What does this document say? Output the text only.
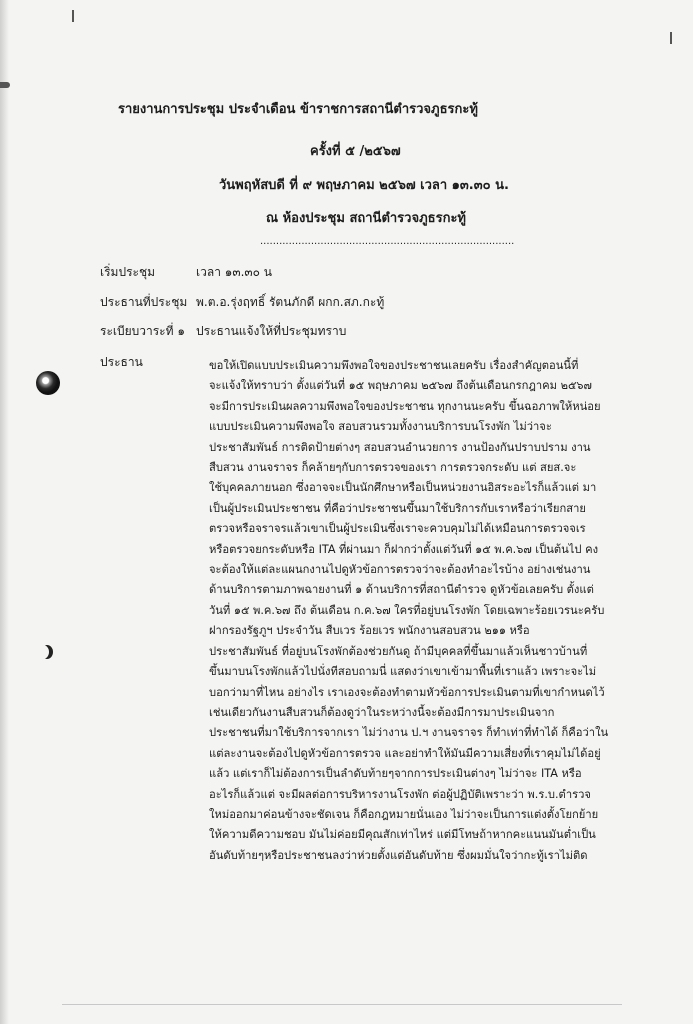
รายงานการประชุม ประจำเดือน ข้าราชการสถานีตำรวจภูธรกะทู้
ครั้งที่ ๕ /๒๕๖๗
วันพฤหัสบดี ที่ ๙ พฤษภาคม ๒๕๖๗ เวลา ๑๓.๓๐ น.
ณ ห้องประชุม สถานีตำรวจภูธรกะทู้
................................................................................
เริ่มประชุม	เวลา ๑๓.๓๐ น
ประธานที่ประชุม พ.ต.อ.รุ่งฤทธิ์ รัตนภักดี ผกก.สภ.กะทู้
ระเบียบวาระที่ ๑ ประธานแจ้งให้ที่ประชุมทราบ
ประธาน	ขอให้เปิดแบบประเมินความพึงพอใจของประชาชนเลยครับ เรื่องสำคัญตอนนี้ที่
จะแจ้งให้ทราบว่า ตั้งแต่วันที่ ๑๕ พฤษภาคม ๒๕๖๗ ถึงต้นเดือนกรกฎาคม ๒๕๖๗
จะมีการประเมินผลความพึงพอใจของประชาชน ทุกงานนะครับ ขึ้นฉอภาพให้หน่อย
แบบประเมินความพึงพอใจ สอบสวนรวมทั้งงานบริการบนโรงพัก ไม่ว่าจะ
ประชาสัมพันธ์ การติดป้ายต่างๆ สอบสวนอำนวยการ งานป้องกันปราบปราม งาน
สืบสวน งานจราจร ก็คล้ายๆกับการตรวจของเรา การตรวจกระดับ แต่ สยส.จะ
ใช้บุคคลภายนอก ซึ่งอาจจะเป็นนักศึกษาหรือเป็นหน่วยงานอิสระอะไรก็แล้วแต่ มา
เป็นผู้ประเมินประชาชน ที่คือว่าประชาชนขึ้นมาใช้บริการกับเราหรือว่าเรียกสาย
ตรวจหรือจราจรแล้วเขาเป็นผู้ประเมินซึ่งเราจะควบคุมไม่ได้เหมือนการตรวจจเร
หรือตรวจยกระดับหรือ ITA ที่ผ่านมา ก็ฝากว่าตั้งแต่วันที่ ๑๕ พ.ค.๖๗ เป็นต้นไป คง
จะต้องให้แต่ละแผนกงานไปดูหัวข้อการตรวจว่าจะต้องทำอะไรบ้าง อย่างเช่นงาน
ด้านบริการตามภาพฉายงานที่ ๑ ด้านบริการที่สถานีตำรวจ ดูหัวข้อเลยครับ ตั้งแต่
วันที่ ๑๕ พ.ค.๖๗ ถึง ต้นเดือน ก.ค.๖๗ ใครที่อยู่บนโรงพัก โดยเฉพาะร้อยเวรนะครับ
ฝากรองรัฐภูฯ ประจำวัน สืบเวร ร้อยเวร พนักงานสอบสวน ๒๑๑ หรือ
ประชาสัมพันธ์ ที่อยู่บนโรงพักต้องช่วยกันดู ถ้ามีบุคคลที่ขึ้นมาแล้วเห็นชาวบ้านที่
ขึ้นมาบนโรงพักแล้วไปนั่งทีสอบถามนี่ แสดงว่าเขาเข้ามาพื้นที่เราแล้ว เพราะจะไม่
บอกว่ามาที่ไหน อย่างไร เราเองจะต้องทำตามหัวข้อการประเมินตามที่เขากำหนดไว้
เช่นเดียวกันงานสืบสวนก็ต้องดูว่าในระหว่างนี้จะต้องมีการมาประเมินจาก
ประชาชนที่มาใช้บริการจากเรา ไม่ว่างาน ป.ฯ งานจราจร ก็ทำเท่าที่ทำได้ ก็คือว่าใน
แต่ละงานจะต้องไปดูหัวข้อการตรวจ และอย่าทำให้มันมีความเสี่ยงที่เราคุมไม่ได้อยู่
แล้ว แต่เราก็ไม่ต้องการเป็นลำดับท้ายๆจากการประเมินต่างๆ ไม่ว่าจะ ITA หรือ
อะไรก็แล้วแต่ จะมีผลต่อการบริหารงานโรงพัก ต่อผู้ปฏิบัติเพราะว่า พ.ร.บ.ตำรวจ
ใหม่ออกมาค่อนข้างจะชัดเจน ก็คือกฎหมายนั่นเอง ไม่ว่าจะเป็นการแต่งตั้งโยกย้าย
ให้ความดีความชอบ มันไม่ค่อยมีคุณสักเท่าไหร่ แต่มีโทษถ้าหากคะแนนมันต่ำเป็น
อันดับท้ายๆหรือประชาชนลงว่าห่วยตั้งแต่อันดับท้าย ซึ่งผมมั่นใจว่ากะทู้เราไม่ติด
